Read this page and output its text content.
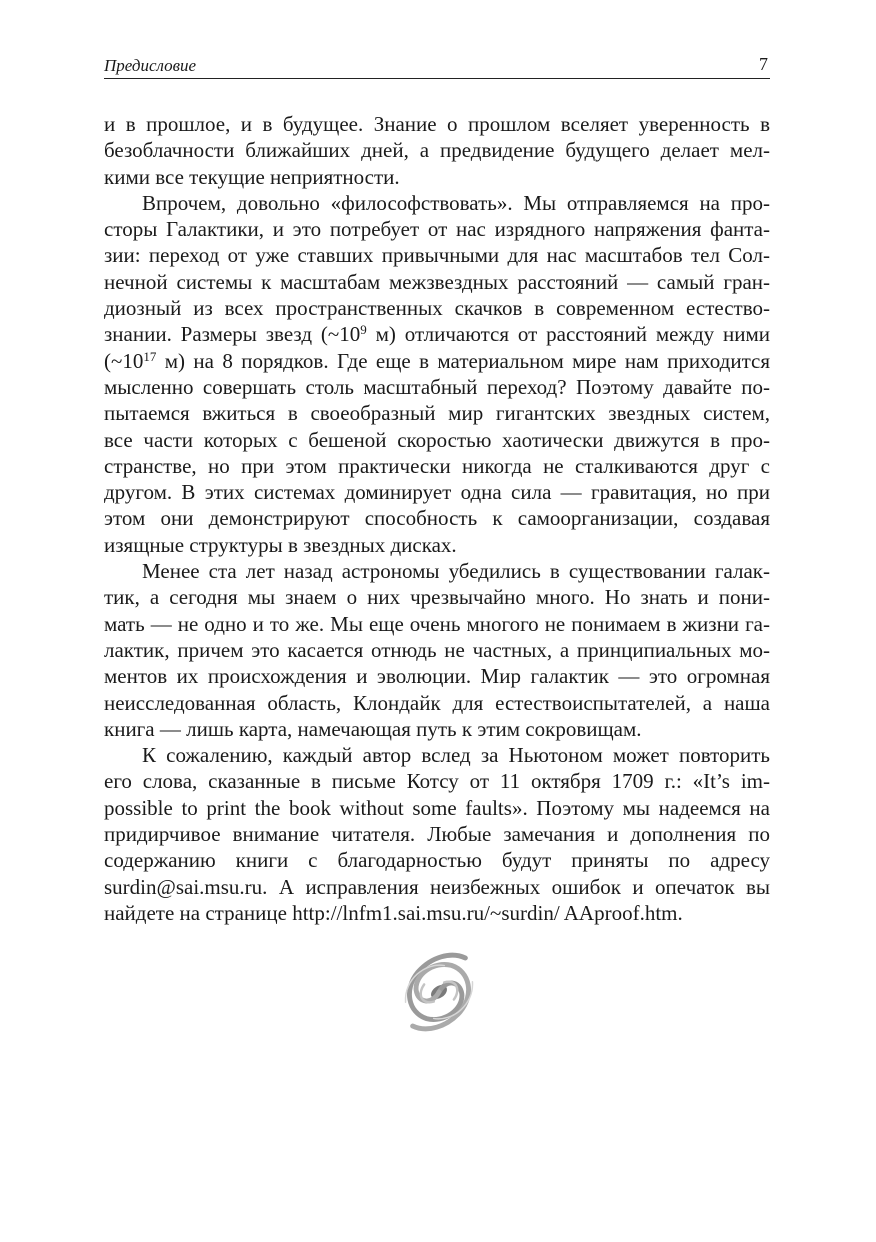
Предисловие	7
и в прошлое, и в будущее. Знание о прошлом вселяет уверенность в
безоблачности ближайших дней, а предвидение будущего делает мел-
кими все текущие неприятности.
Впрочем, довольно «философствовать». Мы отправляемся на про-
сторы Галактики, и это потребует от нас изрядного напряжения фанта-
зии: переход от уже ставших привычными для нас масштабов тел Сол-
нечной системы к масштабам межзвездных расстояний — самый гран-
диозный из всех пространственных скачков в современном естество-
знании. Размеры звезд ($\sim 10^9$ м) отличаются от расстояний между ними
($\sim 10^{17}$ м) на 8 порядков. Где еще в материальном мире нам приходится
мысленно совершать столь масштабный переход? Поэтому давайте по-
пытаемся вжиться в своеобразный мир гигантских звездных систем,
все части которых с бешеной скоростью хаотически движутся в про-
странстве, но при этом практически никогда не сталкиваются друг с
другом. В этих системах доминирует одна сила — гравитация, но при
этом они демонстрируют способность к самоорганизации, создавая
изящные структуры в звездных дисках.
Менее ста лет назад астрономы убедились в существовании галак-
тик, а сегодня мы знаем о них чрезвычайно много. Но знать и пони-
мать — не одно и то же. Мы еще очень многого не понимаем в жизни га-
лактик, причем это касается отнюдь не частных, а принципиальных мо-
ментов их происхождения и эволюции. Мир галактик — это огромная
неисследованная область, Клондайк для естествоиспытателей, а наша
книга — лишь карта, намечающая путь к этим сокровищам.
К сожалению, каждый автор вслед за Ньютоном может повторить
его слова, сказанные в письме Котсу от 11 октября 1709 г.: «It’s im-
possible to print the book without some faults». Поэтому мы надеемся на
придирчивое внимание читателя. Любые замечания и дополнения по
содержанию книги с благодарностью будут приняты по адресу
surdin@sai.msu.ru. А исправления неизбежных ошибок и опечаток вы
найдете на странице http://lnfm1.sai.msu.ru/~surdin/ AAproof.htm.
